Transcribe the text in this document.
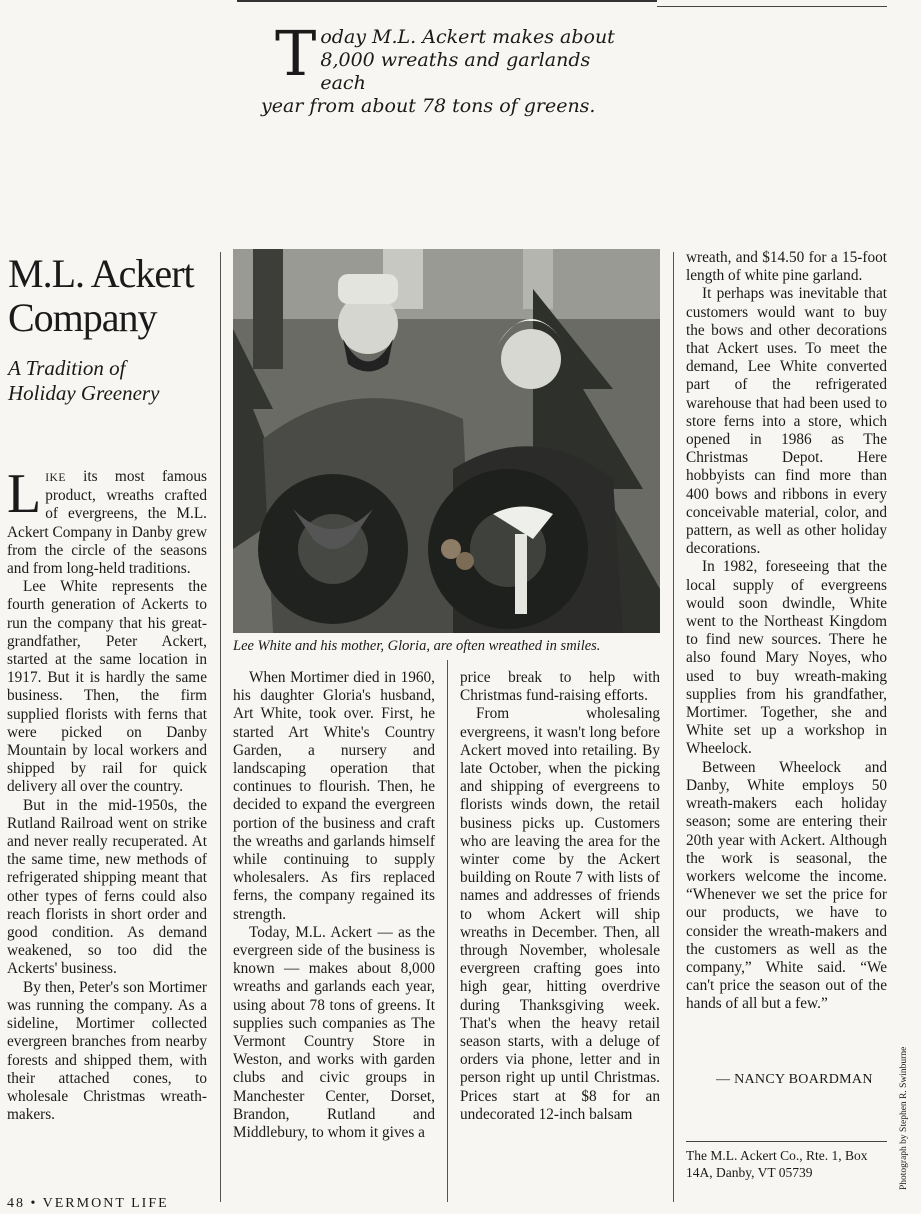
T oday M.L. Ackert makes about

8,000 wreaths and garlands each

year from about 78 tons of greens.

M.L. Ackert
Company
A Tradition of
Holiday Greenery

LIKE its most famous product, wreaths crafted of evergreens, the M.L. Ackert Company in Danby grew from the circle of the seasons and from long-held traditions.

Lee White represents the fourth generation of Ackerts to run the company that his great-grandfather, Peter Ackert, started at the same location in 1917. But it is hardly the same business. Then, the firm supplied florists with ferns that were picked on Danby Mountain by local workers and shipped by rail for quick delivery all over the country.

But in the mid-1950s, the Rutland Railroad went on strike and never really recuperated. At the same time, new methods of refrigerated shipping meant that other types of ferns could also reach florists in short order and good condition. As demand weakened, so too did the Ackerts' business.

By then, Peter's son Mortimer was running the company. As a sideline, Mortimer collected evergreen branches from nearby forests and shipped them, with their attached cones, to wholesale Christmas wreath-makers.

Lee White and his mother, Gloria, are often wreathed in smiles.

When Mortimer died in 1960, his daughter Gloria's husband, Art White, took over. First, he started Art White's Country Garden, a nursery and landscaping operation that continues to flourish. Then, he decided to expand the evergreen portion of the business and craft the wreaths and garlands himself while continuing to supply wholesalers. As firs replaced ferns, the company regained its strength.

Today, M.L. Ackert — as the evergreen side of the business is known — makes about 8,000 wreaths and garlands each year, using about 78 tons of greens. It supplies such companies as The Vermont Country Store in Weston, and works with garden clubs and civic groups in Manchester Center, Dorset, Brandon, Rutland and Middlebury, to whom it gives a

price break to help with Christmas fund-raising efforts.

From wholesaling evergreens, it wasn't long before Ackert moved into retailing. By late October, when the picking and shipping of evergreens to florists winds down, the retail business picks up. Customers who are leaving the area for the winter come by the Ackert building on Route 7 with lists of names and addresses of friends to whom Ackert will ship wreaths in December. Then, all through November, wholesale evergreen crafting goes into high gear, hitting overdrive during Thanksgiving week. That's when the heavy retail season starts, with a deluge of orders via phone, letter and in person right up until Christmas. Prices start at $8 for an undecorated 12-inch balsam

wreath, and $14.50 for a 15-foot length of white pine garland.

It perhaps was inevitable that customers would want to buy the bows and other decorations that Ackert uses. To meet the demand, Lee White converted part of the refrigerated warehouse that had been used to store ferns into a store, which opened in 1986 as The Christmas Depot. Here hobbyists can find more than 400 bows and ribbons in every conceivable material, color, and pattern, as well as other holiday decorations.

In 1982, foreseeing that the local supply of evergreens would soon dwindle, White went to the Northeast Kingdom to find new sources. There he also found Mary Noyes, who used to buy wreath-making supplies from his grandfather, Mortimer. Together, she and White set up a workshop in Wheelock.

Between Wheelock and Danby, White employs 50 wreath-makers each holiday season; some are entering their 20th year with Ackert. Although the work is seasonal, the workers welcome the income. “Whenever we set the price for our products, we have to consider the wreath-makers and the customers as well as the company,” White said. “We can't price the season out of the hands of all but a few.”

— NANCY BOARDMAN
The M.L. Ackert Co., Rte. 1, Box 14A, Danby, VT 05739	Photograph by Stephen R. Swinburne
48 • VERMONT LIFE
